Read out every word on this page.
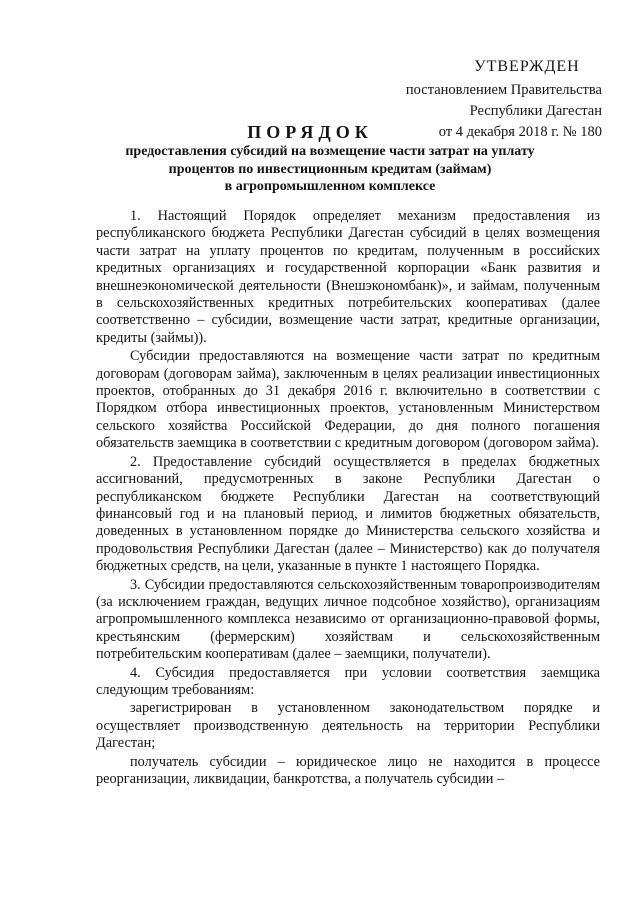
УТВЕРЖДЕН
постановлением Правительства
Республики Дагестан
от 4 декабря 2018 г. № 180
ПОРЯДОК
предоставления субсидий на возмещение части затрат на уплату
процентов по инвестиционным кредитам (займам)
в агропромышленном комплексе

1. Настоящий Порядок определяет механизм предоставления из республиканского бюджета Республики Дагестан субсидий в целях возмещения части затрат на уплату процентов по кредитам, полученным в российских кредитных организациях и государственной корпорации «Банк развития и внешнеэкономической деятельности (Внешэкономбанк)», и займам, полученным в сельскохозяйственных кредитных потребительских кооперативах (далее соответственно – субсидии, возмещение части затрат, кредитные организации, кредиты (займы)).

Субсидии предоставляются на возмещение части затрат по кредитным договорам (договорам займа), заключенным в целях реализации инвестиционных проектов, отобранных до 31 декабря 2016 г. включительно в соответствии с Порядком отбора инвестиционных проектов, установленным Министерством сельского хозяйства Российской Федерации, до дня полного погашения обязательств заемщика в соответствии с кредитным договором (договором займа).

2. Предоставление субсидий осуществляется в пределах бюджетных ассигнований, предусмотренных в законе Республики Дагестан о республиканском бюджете Республики Дагестан на соответствующий финансовый год и на плановый период, и лимитов бюджетных обязательств, доведенных в установленном порядке до Министерства сельского хозяйства и продовольствия Республики Дагестан (далее – Министерство) как до получателя бюджетных средств, на цели, указанные в пункте 1 настоящего Порядка.

3. Субсидии предоставляются сельскохозяйственным товаропроизводителям (за исключением граждан, ведущих личное подсобное хозяйство), организациям агропромышленного комплекса независимо от организационно-правовой формы, крестьянским (фермерским) хозяйствам и сельскохозяйственным потребительским кооперативам (далее – заемщики, получатели).

4. Субсидия предоставляется при условии соответствия заемщика следующим требованиям:

зарегистрирован в установленном законодательством порядке и осуществляет производственную деятельность на территории Республики Дагестан;

получатель субсидии – юридическое лицо не находится в процессе реорганизации, ликвидации, банкротства, а получатель субсидии –
